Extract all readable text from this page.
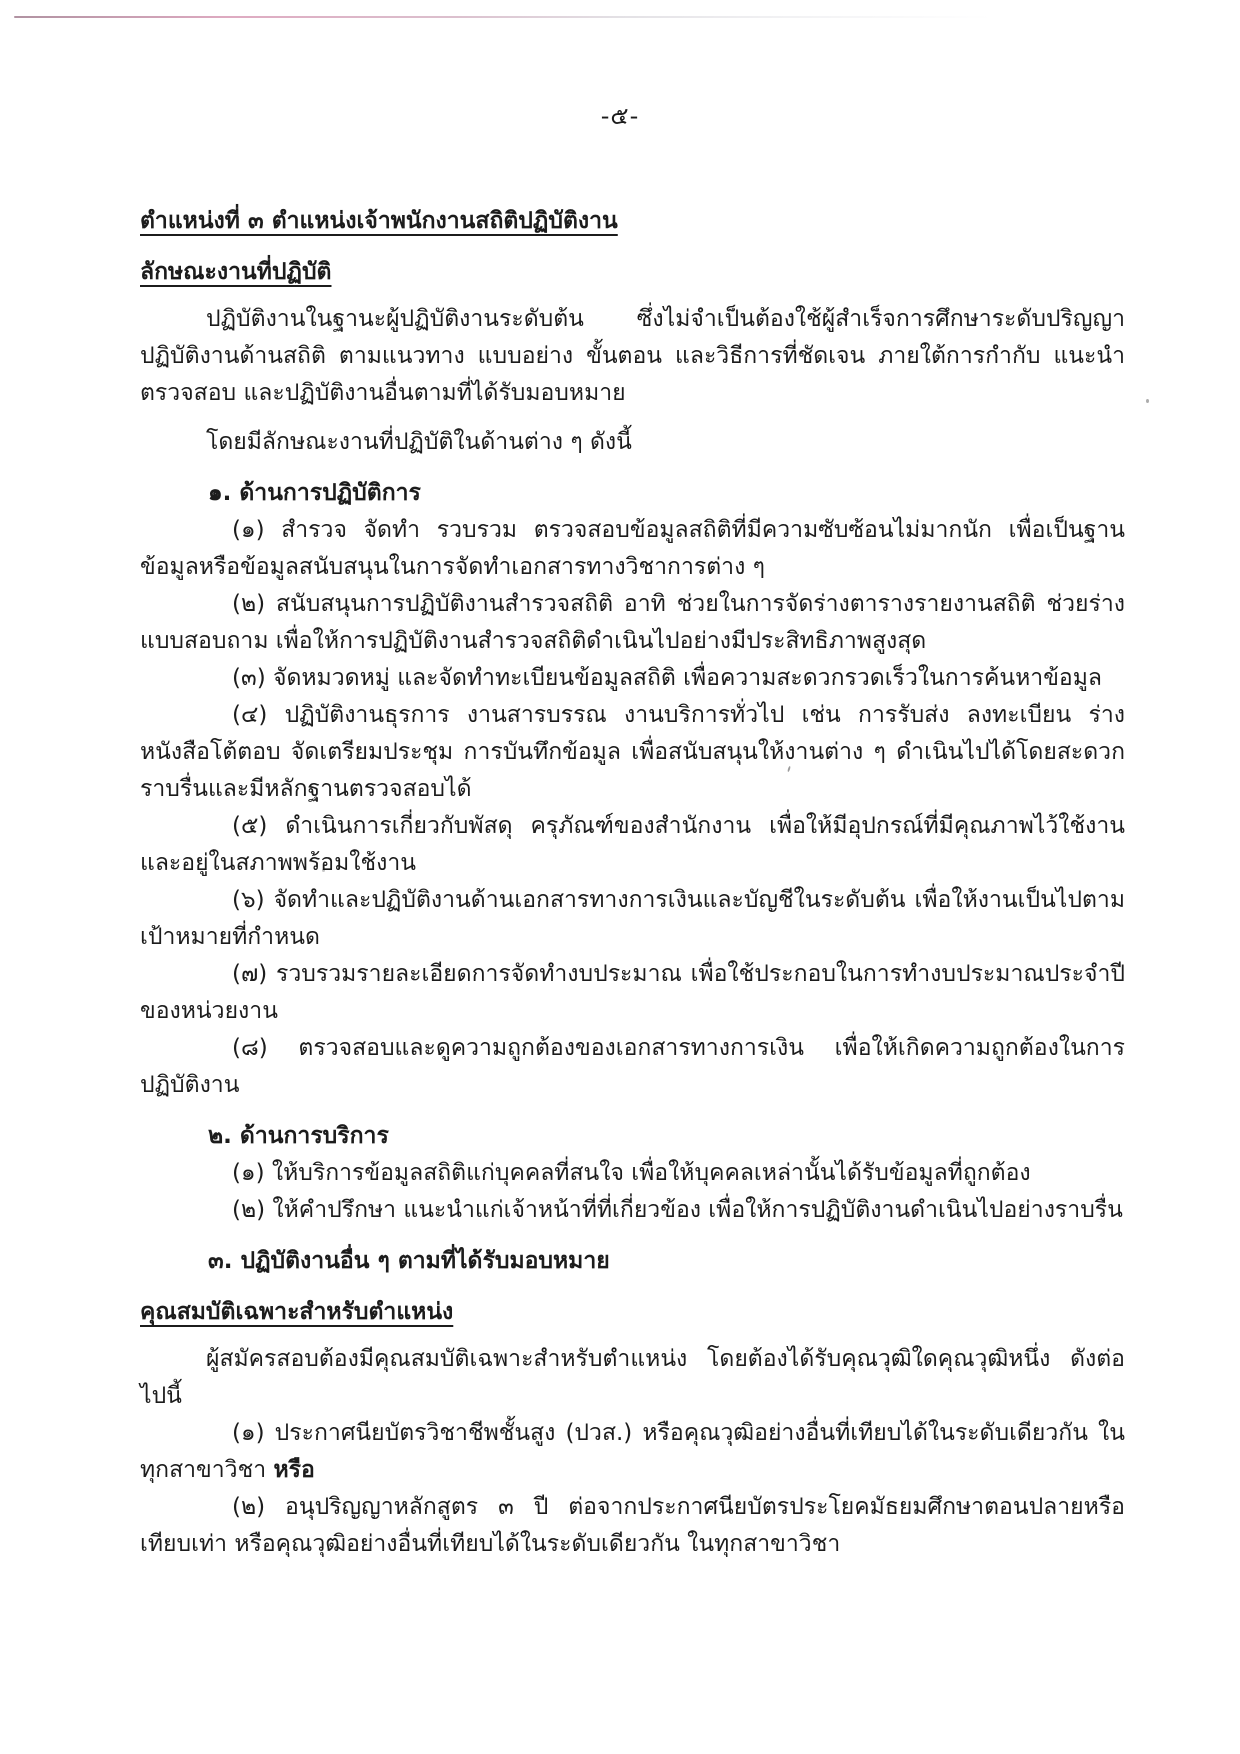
-๕-

ตำแหน่งที่ ๓ ตำแหน่งเจ้าพนักงานสถิติปฏิบัติงาน

ลักษณะงานที่ปฏิบัติ

ปฏิบัติงานในฐานะผู้ปฏิบัติงานระดับต้น ซึ่งไม่จำเป็นต้องใช้ผู้สำเร็จการศึกษาระดับปริญญา ปฏิบัติงานด้านสถิติ ตามแนวทาง แบบอย่าง ขั้นตอน และวิธีการที่ชัดเจน ภายใต้การกำกับ แนะนำ ตรวจสอบ และปฏิบัติงานอื่นตามที่ได้รับมอบหมาย

โดยมีลักษณะงานที่ปฏิบัติในด้านต่าง ๆ ดังนี้

๑. ด้านการปฏิบัติการ

(๑) สำรวจ จัดทำ รวบรวม ตรวจสอบข้อมูลสถิติที่มีความซับซ้อนไม่มากนัก เพื่อเป็นฐานข้อมูลหรือข้อมูลสนับสนุนในการจัดทำเอกสารทางวิชาการต่าง ๆ

(๒) สนับสนุนการปฏิบัติงานสำรวจสถิติ อาทิ ช่วยในการจัดร่างตารางรายงานสถิติ ช่วยร่างแบบสอบถาม เพื่อให้การปฏิบัติงานสำรวจสถิติดำเนินไปอย่างมีประสิทธิภาพสูงสุด

(๓) จัดหมวดหมู่ และจัดทำทะเบียนข้อมูลสถิติ เพื่อความสะดวกรวดเร็วในการค้นหาข้อมูล

(๔) ปฏิบัติงานธุรการ งานสารบรรณ งานบริการทั่วไป เช่น การรับส่ง ลงทะเบียน ร่างหนังสือโต้ตอบ จัดเตรียมประชุม การบันทึกข้อมูล เพื่อสนับสนุนให้งานต่าง ๆ ดำเนินไปได้โดยสะดวกราบรื่นและมีหลักฐานตรวจสอบได้

(๕) ดำเนินการเกี่ยวกับพัสดุ ครุภัณฑ์ของสำนักงาน เพื่อให้มีอุปกรณ์ที่มีคุณภาพไว้ใช้งานและอยู่ในสภาพพร้อมใช้งาน

(๖) จัดทำและปฏิบัติงานด้านเอกสารทางการเงินและบัญชีในระดับต้น เพื่อให้งานเป็นไปตามเป้าหมายที่กำหนด

(๗) รวบรวมรายละเอียดการจัดทำงบประมาณ เพื่อใช้ประกอบในการทำงบประมาณประจำปีของหน่วยงาน

(๘) ตรวจสอบและดูความถูกต้องของเอกสารทางการเงิน เพื่อให้เกิดความถูกต้องในการปฏิบัติงาน

๒. ด้านการบริการ

(๑) ให้บริการข้อมูลสถิติแก่บุคคลที่สนใจ เพื่อให้บุคคลเหล่านั้นได้รับข้อมูลที่ถูกต้อง

(๒) ให้คำปรึกษา แนะนำแก่เจ้าหน้าที่ที่เกี่ยวข้อง เพื่อให้การปฏิบัติงานดำเนินไปอย่างราบรื่น

๓. ปฏิบัติงานอื่น ๆ ตามที่ได้รับมอบหมาย

คุณสมบัติเฉพาะสำหรับตำแหน่ง

ผู้สมัครสอบต้องมีคุณสมบัติเฉพาะสำหรับตำแหน่ง โดยต้องได้รับคุณวุฒิใดคุณวุฒิหนึ่ง ดังต่อไปนี้

(๑) ประกาศนียบัตรวิชาชีพชั้นสูง (ปวส.) หรือคุณวุฒิอย่างอื่นที่เทียบได้ในระดับเดียวกัน ในทุกสาขาวิชา หรือ

(๒) อนุปริญญาหลักสูตร ๓ ปี ต่อจากประกาศนียบัตรประโยคมัธยมศึกษาตอนปลายหรือเทียบเท่า หรือคุณวุฒิอย่างอื่นที่เทียบได้ในระดับเดียวกัน ในทุกสาขาวิชา
